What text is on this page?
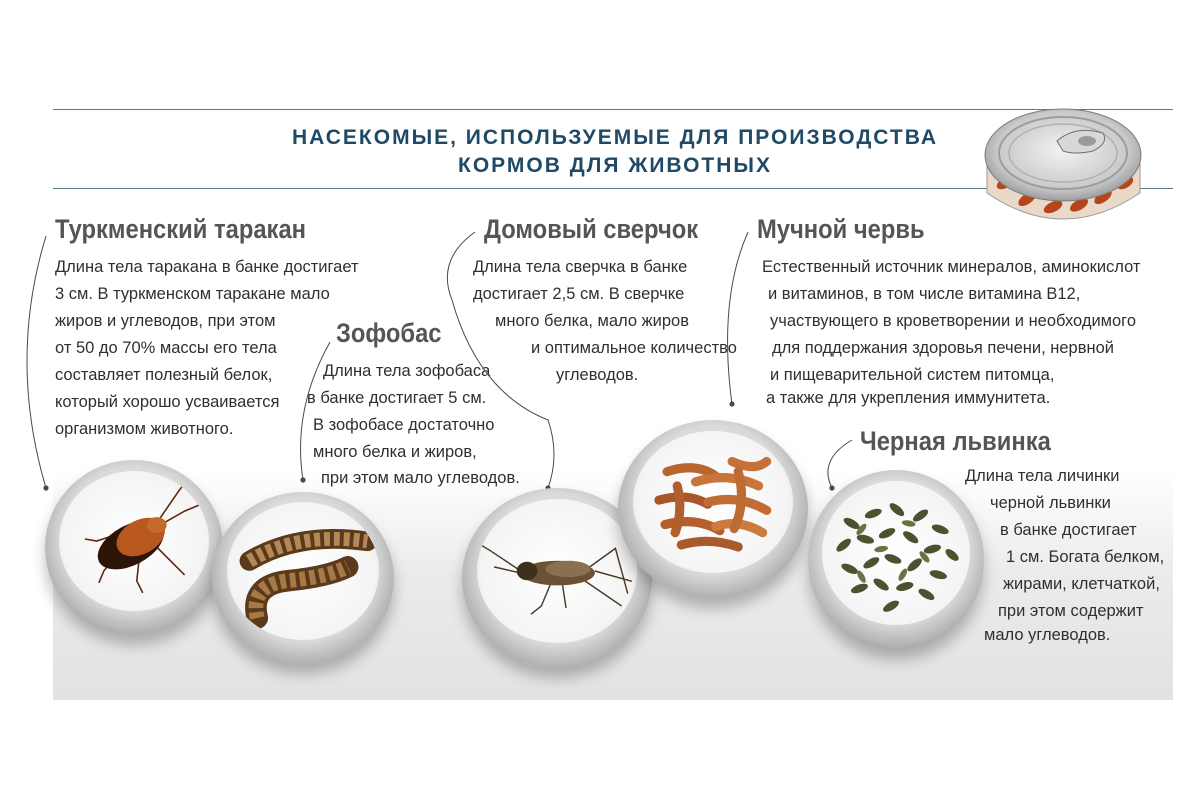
НАСЕКОМЫЕ, ИСПОЛЬЗУЕМЫЕ ДЛЯ ПРОИЗВОДСТВА
КОРМОВ ДЛЯ ЖИВОТНЫХ
Туркменский таракан
Длина тела таракана в банке достигает
3 см. В туркменском таракане мало
жиров и углеводов, при этом
от 50 до 70% массы его тела
составляет полезный белок,
который хорошо усваивается
организмом животного.
Зофобас
Длина тела зофобаса
в банке достигает 5 см.
В зофобасе достаточно
много белка и жиров,
при этом мало углеводов.
Домовый сверчок
Длина тела сверчка в банке
достигает 2,5 см. В сверчке
много белка, мало жиров
и оптимальное количество
углеводов.
Мучной червь
Естественный источник минералов, аминокислот
и витаминов, в том числе витамина B12,
участвующего в кроветворении и необходимого
для поддержания здоровья печени, нервной
и пищеварительной систем питомца,
а также для укрепления иммунитета.
Черная львинка
Длина тела личинки
черной львинки
в банке достигает
1 см. Богата белком,
жирами, клетчаткой,
при этом содержит
мало углеводов.
